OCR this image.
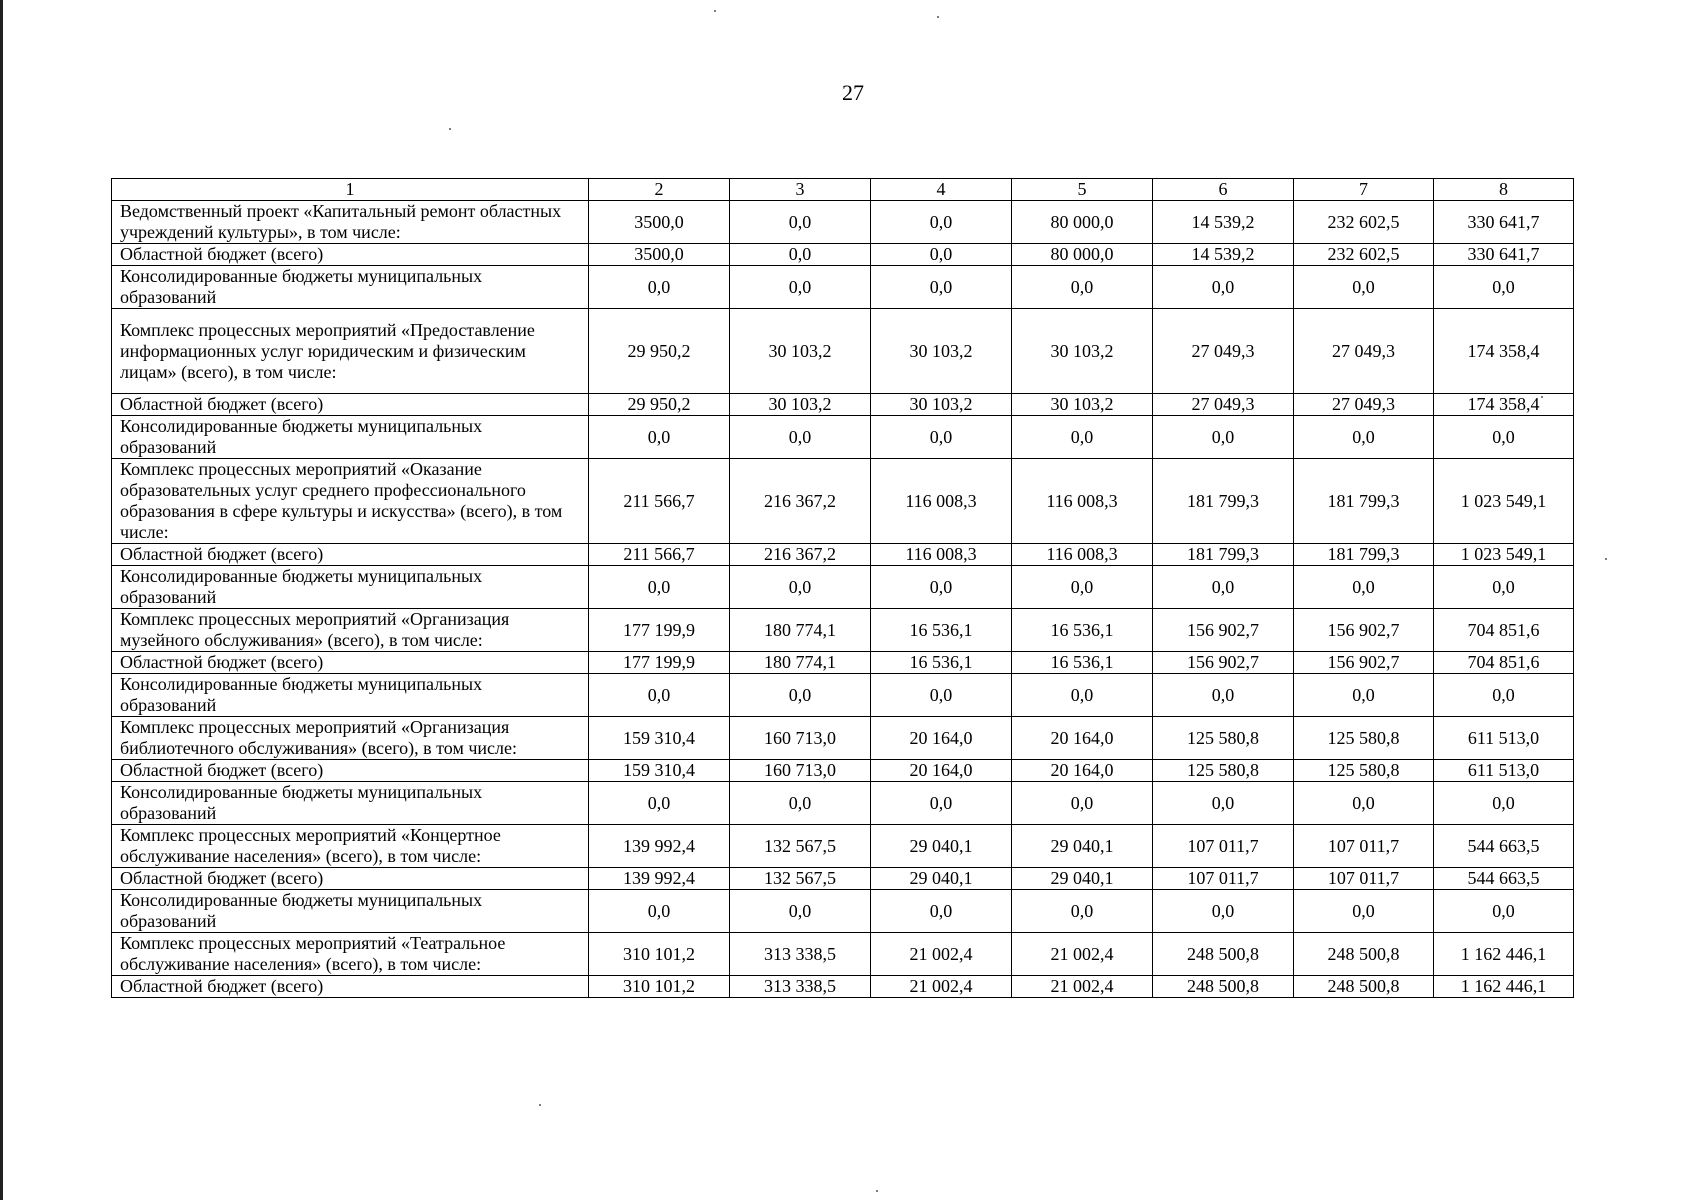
27
1	2	3	4	5	6	7	8
Ведомственный проект «Капитальный ремонт областных учреждений культуры», в том числе:	3500,0	0,0	0,0	80 000,0	14 539,2	232 602,5	330 641,7
Областной бюджет (всего)	3500,0	0,0	0,0	80 000,0	14 539,2	232 602,5	330 641,7
Консолидированные бюджеты муниципальных образований	0,0	0,0	0,0	0,0	0,0	0,0	0,0
Комплекс процессных мероприятий «Предоставление информационных услуг юридическим и физическим лицам» (всего), в том числе:	29 950,2	30 103,2	30 103,2	30 103,2	27 049,3	27 049,3	174 358,4
Областной бюджет (всего)	29 950,2	30 103,2	30 103,2	30 103,2	27 049,3	27 049,3	174 358,4
Консолидированные бюджеты муниципальных образований	0,0	0,0	0,0	0,0	0,0	0,0	0,0
Комплекс процессных мероприятий «Оказание образовательных услуг среднего профессионального образования в сфере культуры и искусства» (всего), в том числе:	211 566,7	216 367,2	116 008,3	116 008,3	181 799,3	181 799,3	1 023 549,1
Областной бюджет (всего)	211 566,7	216 367,2	116 008,3	116 008,3	181 799,3	181 799,3	1 023 549,1
Консолидированные бюджеты муниципальных образований	0,0	0,0	0,0	0,0	0,0	0,0	0,0
Комплекс процессных мероприятий «Организация музейного обслуживания» (всего), в том числе:	177 199,9	180 774,1	16 536,1	16 536,1	156 902,7	156 902,7	704 851,6
Областной бюджет (всего)	177 199,9	180 774,1	16 536,1	16 536,1	156 902,7	156 902,7	704 851,6
Консолидированные бюджеты муниципальных образований	0,0	0,0	0,0	0,0	0,0	0,0	0,0
Комплекс процессных мероприятий «Организация библиотечного обслуживания» (всего), в том числе:	159 310,4	160 713,0	20 164,0	20 164,0	125 580,8	125 580,8	611 513,0
Областной бюджет (всего)	159 310,4	160 713,0	20 164,0	20 164,0	125 580,8	125 580,8	611 513,0
Консолидированные бюджеты муниципальных образований	0,0	0,0	0,0	0,0	0,0	0,0	0,0
Комплекс процессных мероприятий «Концертное обслуживание населения» (всего), в том числе:	139 992,4	132 567,5	29 040,1	29 040,1	107 011,7	107 011,7	544 663,5
Областной бюджет (всего)	139 992,4	132 567,5	29 040,1	29 040,1	107 011,7	107 011,7	544 663,5
Консолидированные бюджеты муниципальных образований	0,0	0,0	0,0	0,0	0,0	0,0	0,0
Комплекс процессных мероприятий «Театральное обслуживание населения» (всего), в том числе:	310 101,2	313 338,5	21 002,4	21 002,4	248 500,8	248 500,8	1 162 446,1
Областной бюджет (всего)	310 101,2	313 338,5	21 002,4	21 002,4	248 500,8	248 500,8	1 162 446,1
